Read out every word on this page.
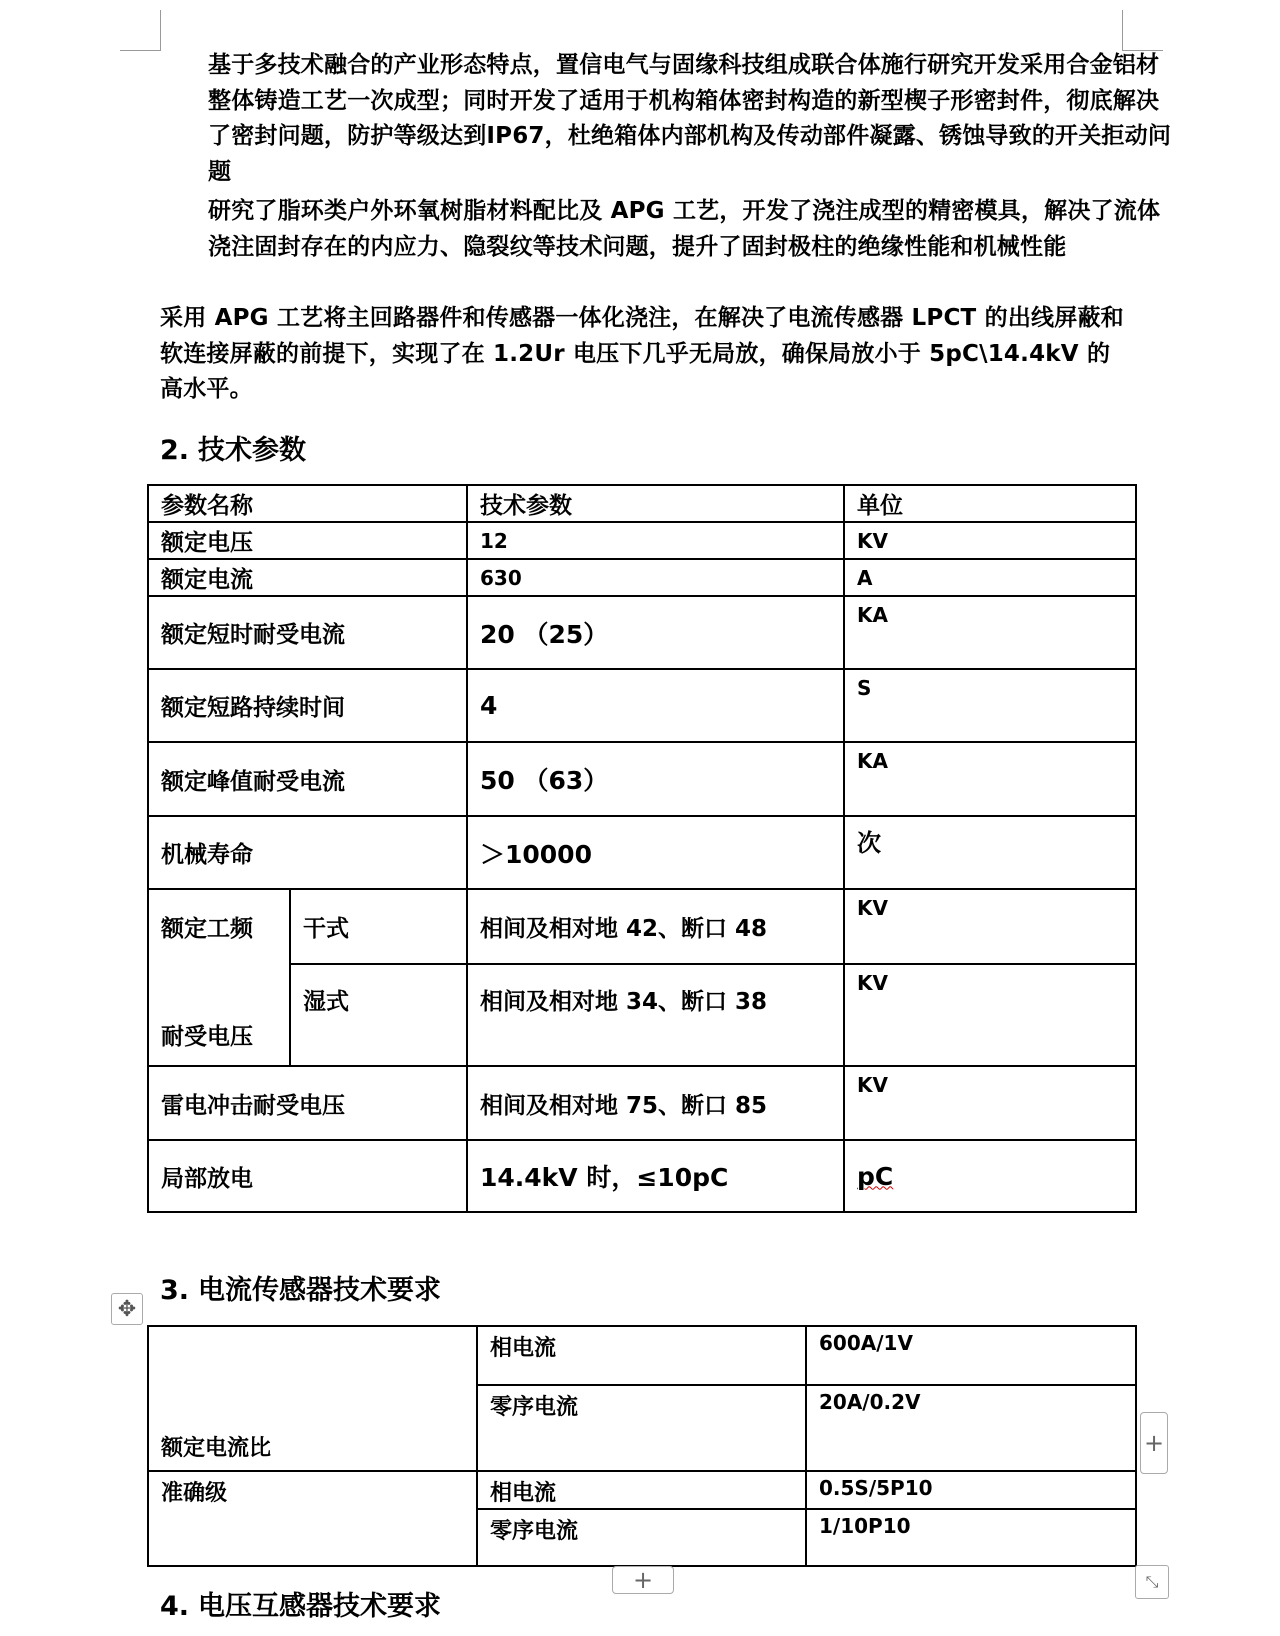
基于多技术融合的产业形态特点，置信电气与固缘科技组成联合体施行研究开发采用合金铝材整体铸造工艺一次成型；同时开发了适用于机构箱体密封构造的新型楔子形密封件，彻底解决了密封问题，防护等级达到IP67，杜绝箱体内部机构及传动部件凝露、锈蚀导致的开关拒动问题

研究了脂环类户外环氧树脂材料配比及 APG 工艺，开发了浇注成型的精密模具，解决了流体浇注固封存在的内应力、隐裂纹等技术问题，提升了固封极柱的绝缘性能和机械性能

采用 APG 工艺将主回路器件和传感器一体化浇注，在解决了电流传感器 LPCT 的出线屏蔽和软连接屏蔽的前提下，实现了在 1.2Ur 电压下几乎无局放，确保局放小于 5pC\14.4kV 的高水平。

2. 技术参数
参数名称		技术参数	单位
额定电压		12	KV
额定电流		630	A
额定短时耐受电流		20 （25）	KA
额定短路持续时间		4	S
额定峰值耐受电流		50 （63）	KA
机械寿命		＞10000	次

额定工频
耐受电压	干式	相间及相对地 42、断口 48	KV
	湿式	相间及相对地 34、断口 38	KV
雷电冲击耐受电压		相间及相对地 75、断口 85	KV
局部放电		14.4kV 时，≤10pC	pC
3. 电流传感器技术要求
✥
额定电流比	相电流	600A/1V
	零序电流	20A/0.2V
准确级	相电流	0.5S/5P10
	零序电流	1/10P10
+
+	⤡
4. 电压互感器技术要求
